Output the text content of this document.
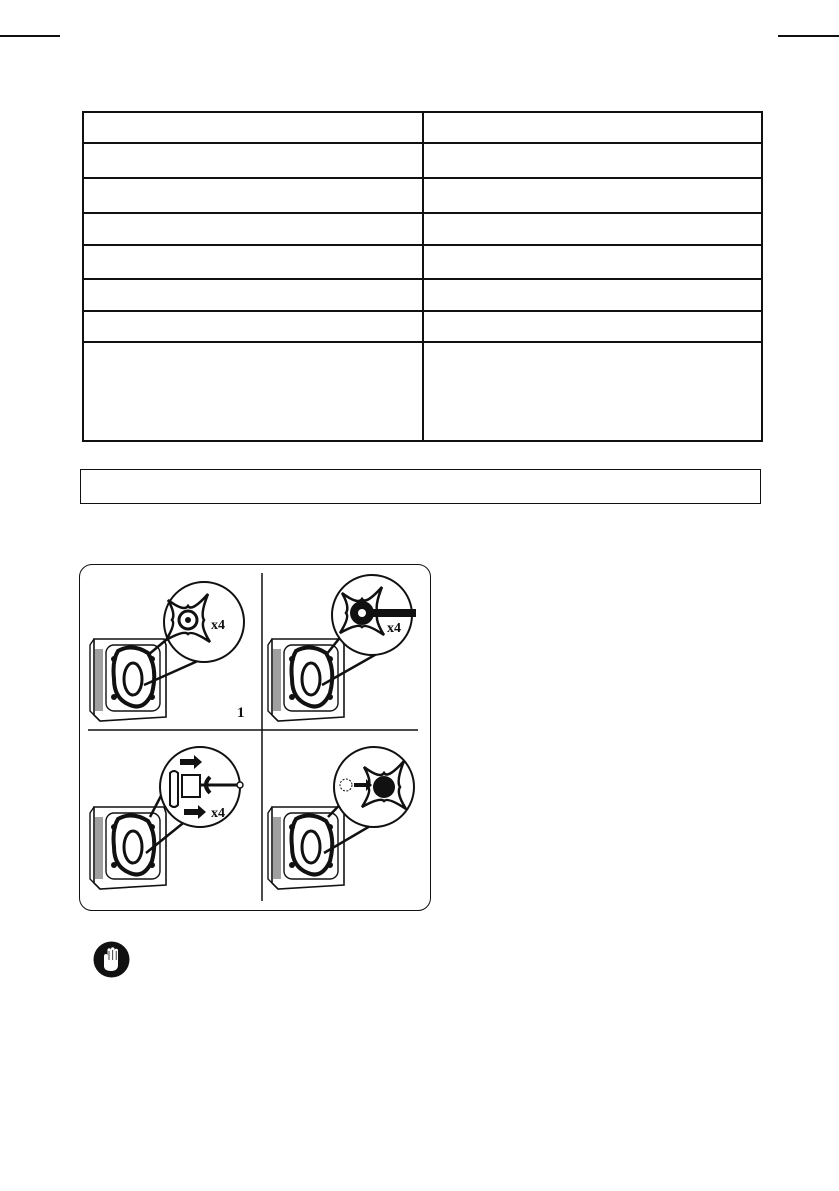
x4
1
x4
x4
